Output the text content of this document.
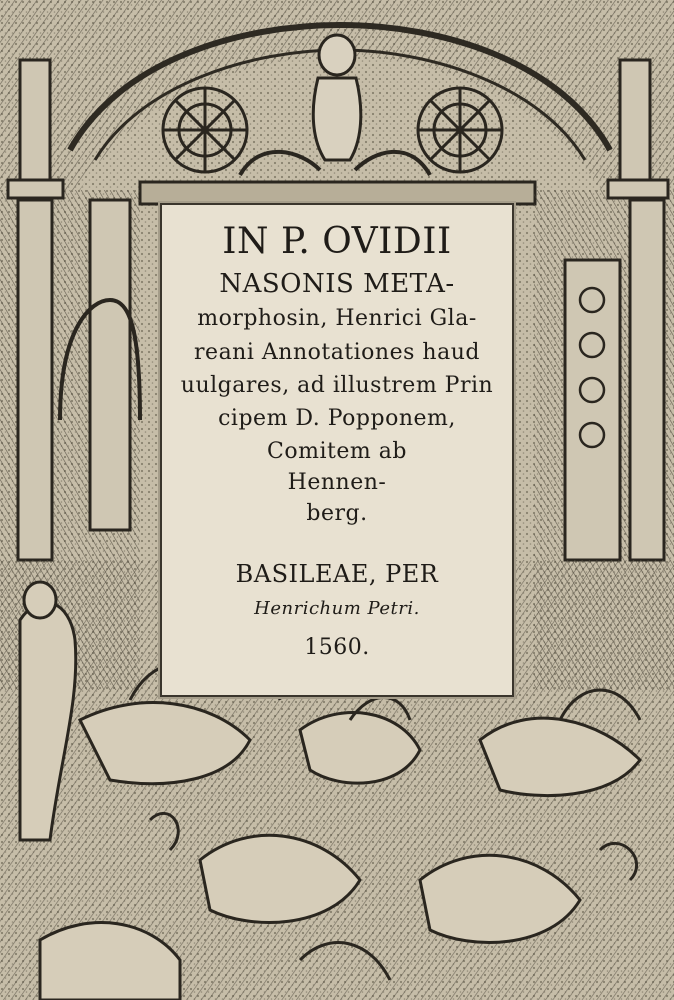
IN P. OVIDII
NASONIS META-
morphosin, Henrici Gla-
reani Annotationes haud
uulgares, ad illustrem Prin
cipem D. Popponem,
Comitem ab
Hennen-
berg.
BASILEAE, PER
Henrichum Petri.
1560.
